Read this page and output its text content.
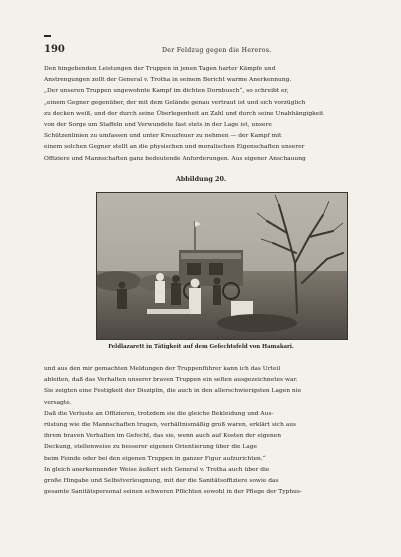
190	Der Feldzug gegen die Hereros.

Den hingebenden Leistungen der Truppen in jenen Tagen harter Kämpfe und
Anstrengungen zollt der General v. Trotha in seinem Bericht warme Anerkennung.
„Der unseren Truppen ungewohnte Kampf im dichten Dornbusch“, so schreibt er,
„einem Gegner gegenüber, der mit dem Gelände genau vertraut ist und sich vorzüglich
zu decken weiß, und der durch seine Überlegenheit an Zahl und durch seine Unabhängigkeit
von der Sorge um Staffeln und Verwundete fast stets in der Lage ist, unsere
Schützenlinien zu umfassen und unter Kreuzfeuer zu nehmen — der Kampf mit
einem solchen Gegner stellt an die physischen und moralischen Eigenschaften unserer
Offiziere und Mannschaften ganz bedeutende Anforderungen. Aus eigener Anschauung

Abbildung 20.
Feldlazarett in Tätigkeit auf dem Gefechtsfeld von Hamakari.

und aus den mir gemachten Meldungen der Truppenführer kann ich das Urteil
ableiten, daß das Verhalten unserer braven Truppen ein selten ausgezeichnetes war.
Sie zeigten eine Festigkeit der Disziplin, die auch in den allerschwierigsten Lagen nie
versagte.
Daß die Verluste an Offizieren, trotzdem sie die gleiche Bekleidung und Aus-
rüstung wie die Mannschaften trugen, verhältnismäßig groß waren, erklärt sich aus
ihrem braven Verhalten im Gefecht, das sie, wenn auch auf Kosten der eigenen
Deckung, stellenweise zu besserer eigenen Orientierung über die Lage
beim Feinde oder bei den eigenen Truppen in ganzer Figur aufzurichten.“
In gleich anerkennender Weise äußert sich General v. Trotha auch über die
große Hingabe und Selbstverleugnung, mit der die Sanitätsoffiziere sowie das
gesamte Sanitätspersonal seinen schweren Pflichten sowohl in der Pflege der Typhus-
